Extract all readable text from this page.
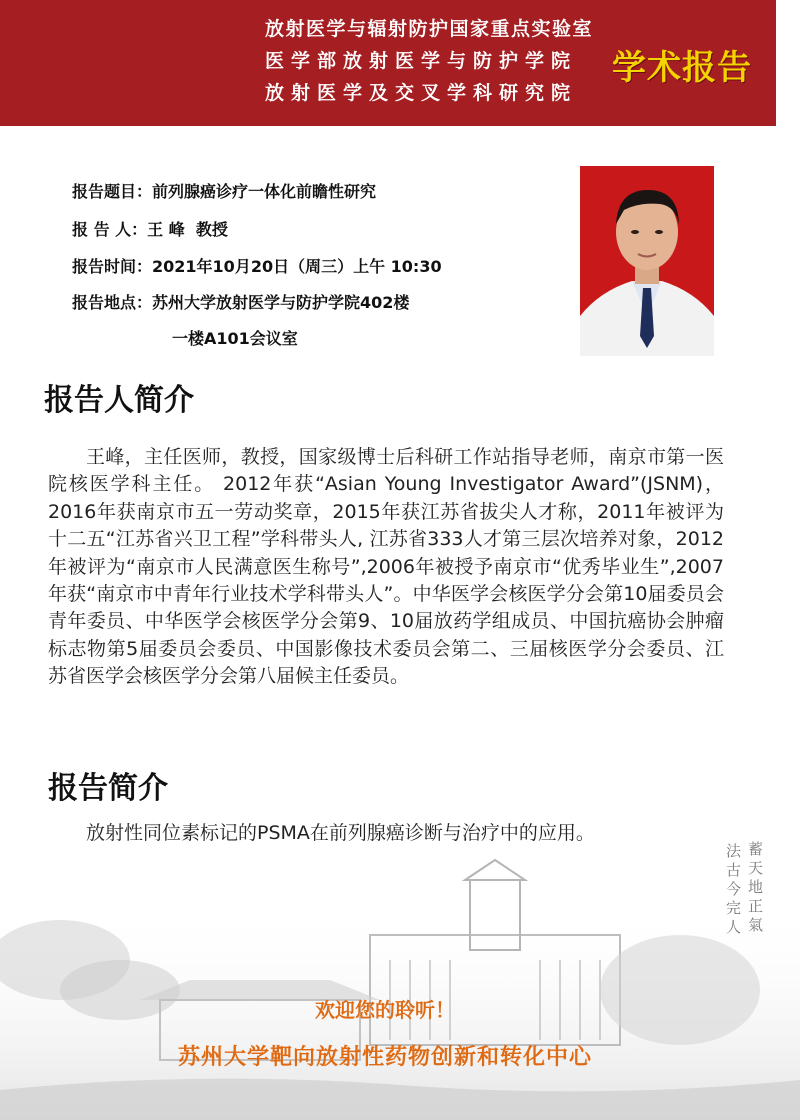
放射医学与辐射防护国家重点实验室
医学部放射医学与防护学院
放射医学及交叉学科研究院
学术报告
报告题目：前列腺癌诊疗一体化前瞻性研究
报 告 人：王 峰  教授
报告时间：2021年10月20日（周三）上午 10:30
报告地点：苏州大学放射医学与防护学院402楼
一楼A101会议室
报告人简介

王峰，主任医师，教授，国家级博士后科研工作站指导老师，南京市第一医院核医学科主任。 2012年获“Asian Young Investigator Award”(JSNM)，2016年获南京市五一劳动奖章，2015年获江苏省拔尖人才称，2011年被评为十二五“江苏省兴卫工程”学科带头人, 江苏省333人才第三层次培养对象，2012年被评为“南京市人民满意医生称号”,2006年被授予南京市“优秀毕业生”,2007年获“南京市中青年行业技术学科带头人”。中华医学会核医学分会第10届委员会青年委员、中华医学会核医学分会第9、10届放药学组成员、中国抗癌协会肿瘤标志物第5届委员会委员、中国影像技术委员会第二、三届核医学分会委员、江苏省医学会核医学分会第八届候主任委员。

报告简介
放射性同位素标记的PSMA在前列腺癌诊断与治疗中的应用。
蓄天地正氣
法古今完人
欢迎您的聆听！
苏州大学靶向放射性药物创新和转化中心
